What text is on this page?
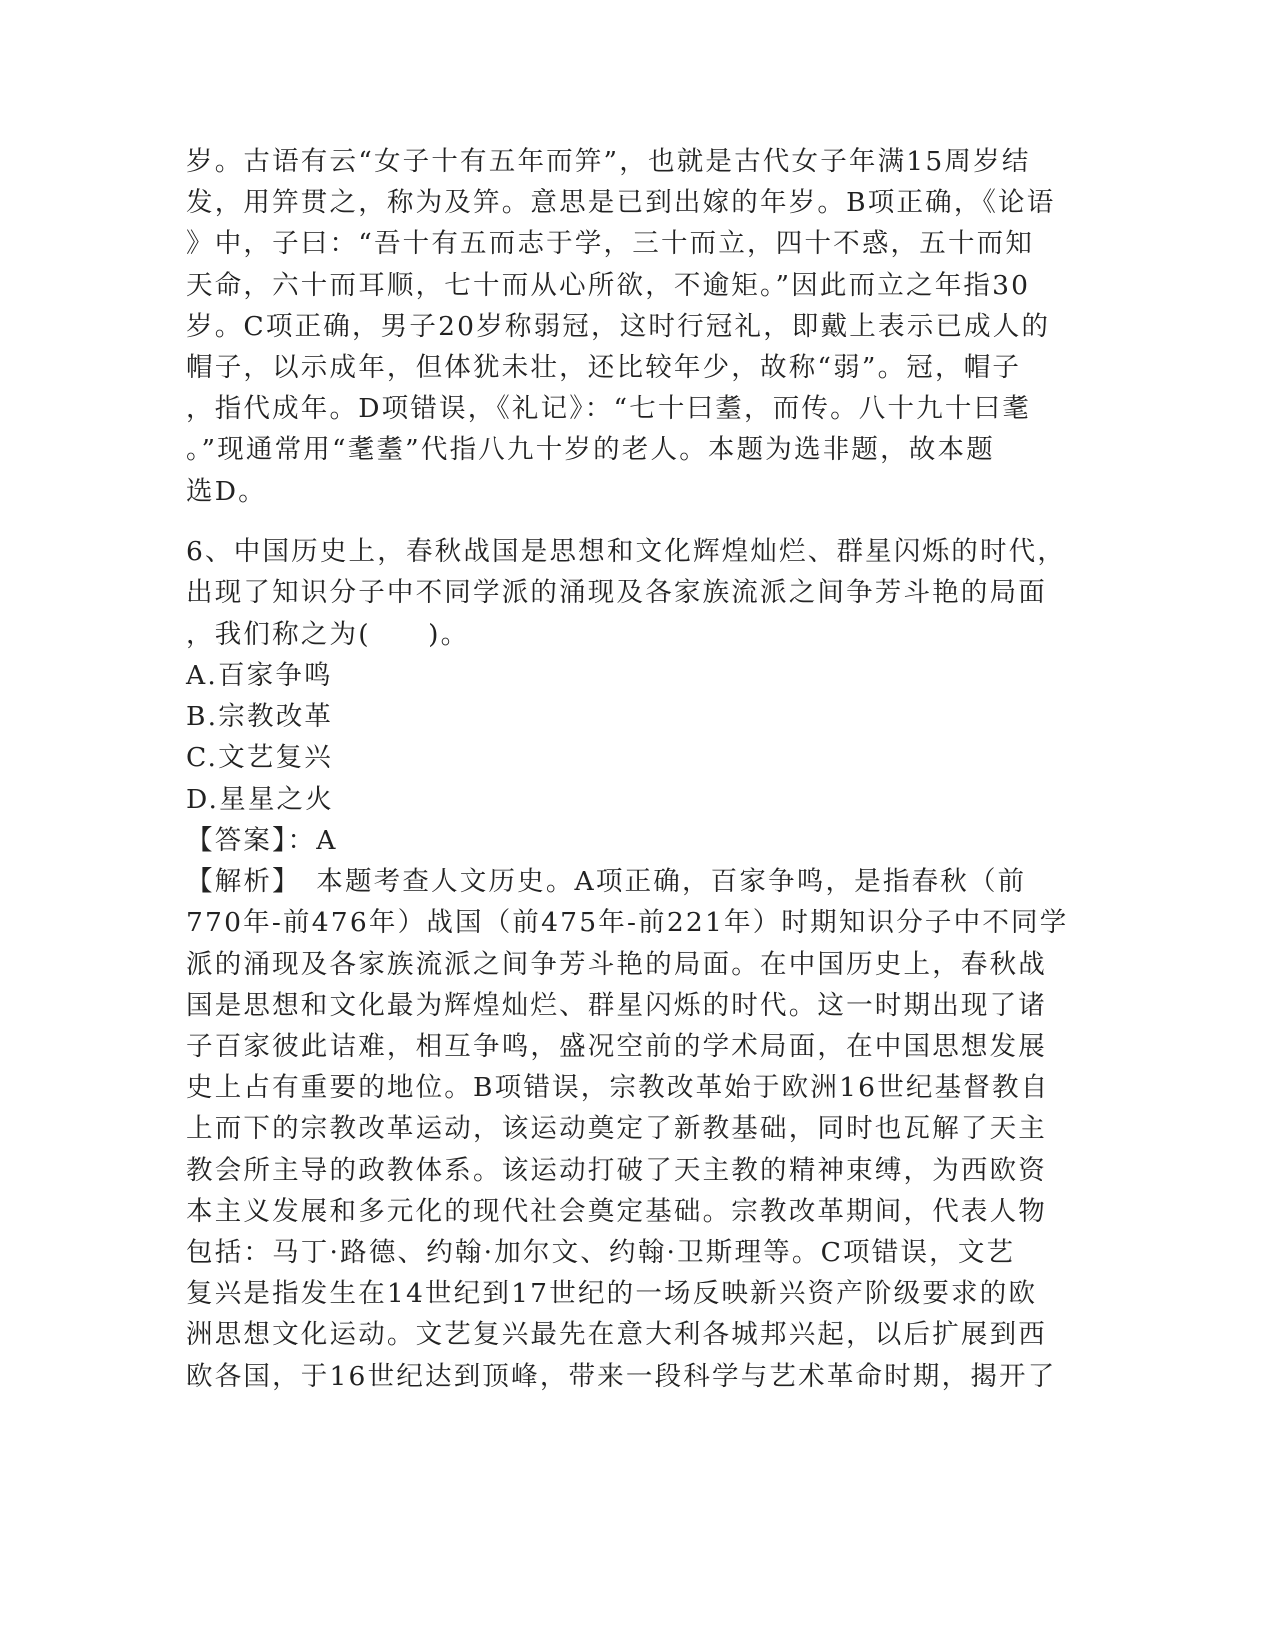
岁。古语有云“女子十有五年而笄”，也就是古代女子年满15周岁结
发，用笄贯之，称为及笄。意思是已到出嫁的年岁。B项正确，《论语
》中，子曰：“吾十有五而志于学，三十而立，四十不惑，五十而知
天命，六十而耳顺，七十而从心所欲，不逾矩。”因此而立之年指30
岁。C项正确，男子20岁称弱冠，这时行冠礼，即戴上表示已成人的
帽子，以示成年，但体犹未壮，还比较年少，故称“弱”。冠，帽子
，指代成年。D项错误，《礼记》：“七十曰耋，而传。八十九十曰耄
。”现通常用“耄耋”代指八九十岁的老人。本题为选非题，故本题
选D。
6、中国历史上，春秋战国是思想和文化辉煌灿烂、群星闪烁的时代，
出现了知识分子中不同学派的涌现及各家族流派之间争芳斗艳的局面
，我们称之为(　　)。
A.百家争鸣
B.宗教改革
C.文艺复兴
D.星星之火
【答案】：A
【解析】　本题考查人文历史。A项正确，百家争鸣，是指春秋（前
770年-前476年）战国（前475年-前221年）时期知识分子中不同学
派的涌现及各家族流派之间争芳斗艳的局面。在中国历史上，春秋战
国是思想和文化最为辉煌灿烂、群星闪烁的时代。这一时期出现了诸
子百家彼此诘难，相互争鸣，盛况空前的学术局面，在中国思想发展
史上占有重要的地位。B项错误，宗教改革始于欧洲16世纪基督教自
上而下的宗教改革运动，该运动奠定了新教基础，同时也瓦解了天主
教会所主导的政教体系。该运动打破了天主教的精神束缚，为西欧资
本主义发展和多元化的现代社会奠定基础。宗教改革期间，代表人物
包括：马丁·路德、约翰·加尔文、约翰·卫斯理等。C项错误，文艺
复兴是指发生在14世纪到17世纪的一场反映新兴资产阶级要求的欧
洲思想文化运动。文艺复兴最先在意大利各城邦兴起，以后扩展到西
欧各国，于16世纪达到顶峰，带来一段科学与艺术革命时期，揭开了
